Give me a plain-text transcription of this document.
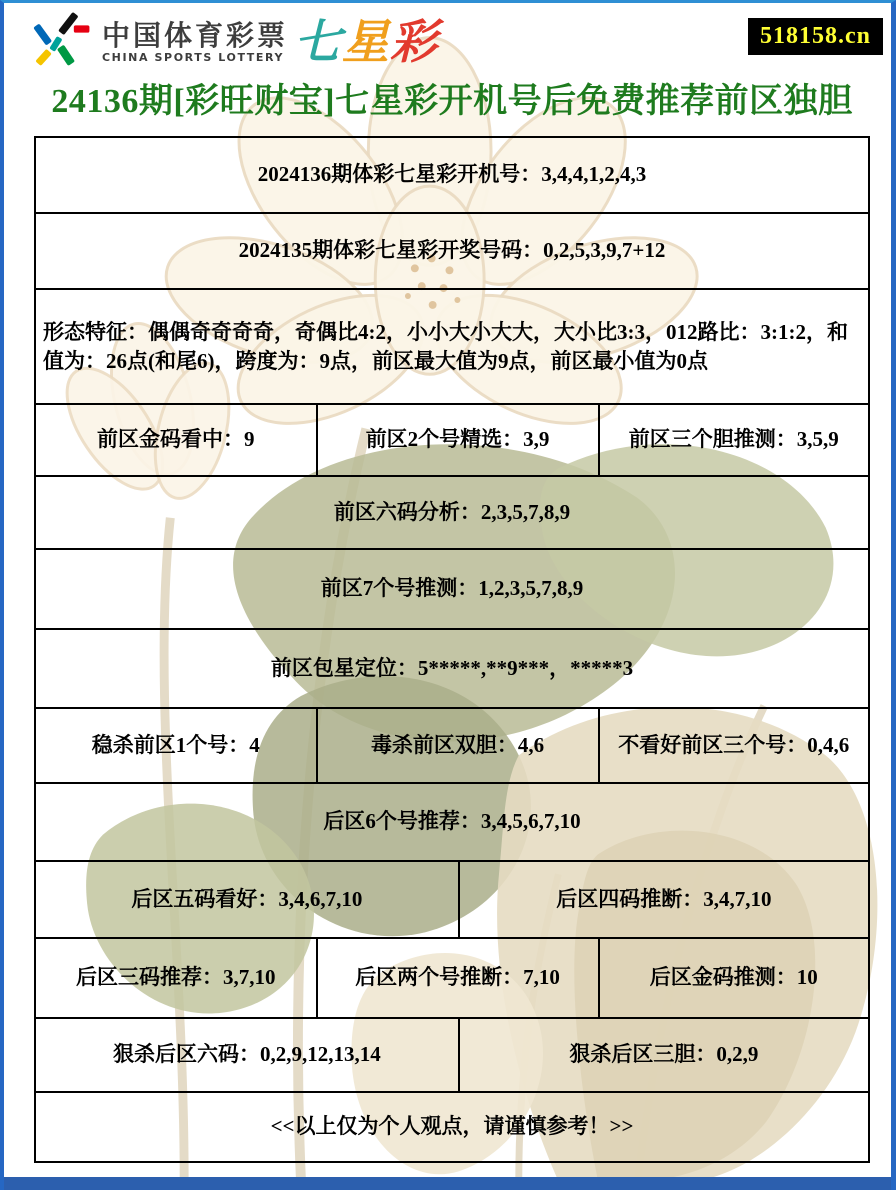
中国体育彩票
CHINA SPORTS LOTTERY 七 星 彩	518158.cn
24136期[彩旺财宝]七星彩开机号后免费推荐前区独胆
2024136期体彩七星彩开机号：3,4,4,1,2,4,3
2024135期体彩七星彩开奖号码：0,2,5,3,9,7+12
形态特征：偶偶奇奇奇奇，奇偶比4:2，小小大小大大，大小比3:3，012路比：3:1:2，和值为：26点(和尾6)，跨度为：9点，前区最大值为9点，前区最小值为0点
前区金码看中：9	前区2个号精选：3,9	前区三个胆推测：3,5,9
前区六码分析：2,3,5,7,8,9
前区7个号推测：1,2,3,5,7,8,9
前区包星定位：5*****,**9***，*****3
稳杀前区1个号：4	毒杀前区双胆：4,6	不看好前区三个号：0,4,6
后区6个号推荐：3,4,5,6,7,10
后区五码看好：3,4,6,7,10	后区四码推断：3,4,7,10
后区三码推荐：3,7,10	后区两个号推断：7,10	后区金码推测：10
狠杀后区六码：0,2,9,12,13,14	狠杀后区三胆：0,2,9
<<以上仅为个人观点，请谨慎参考！>>
